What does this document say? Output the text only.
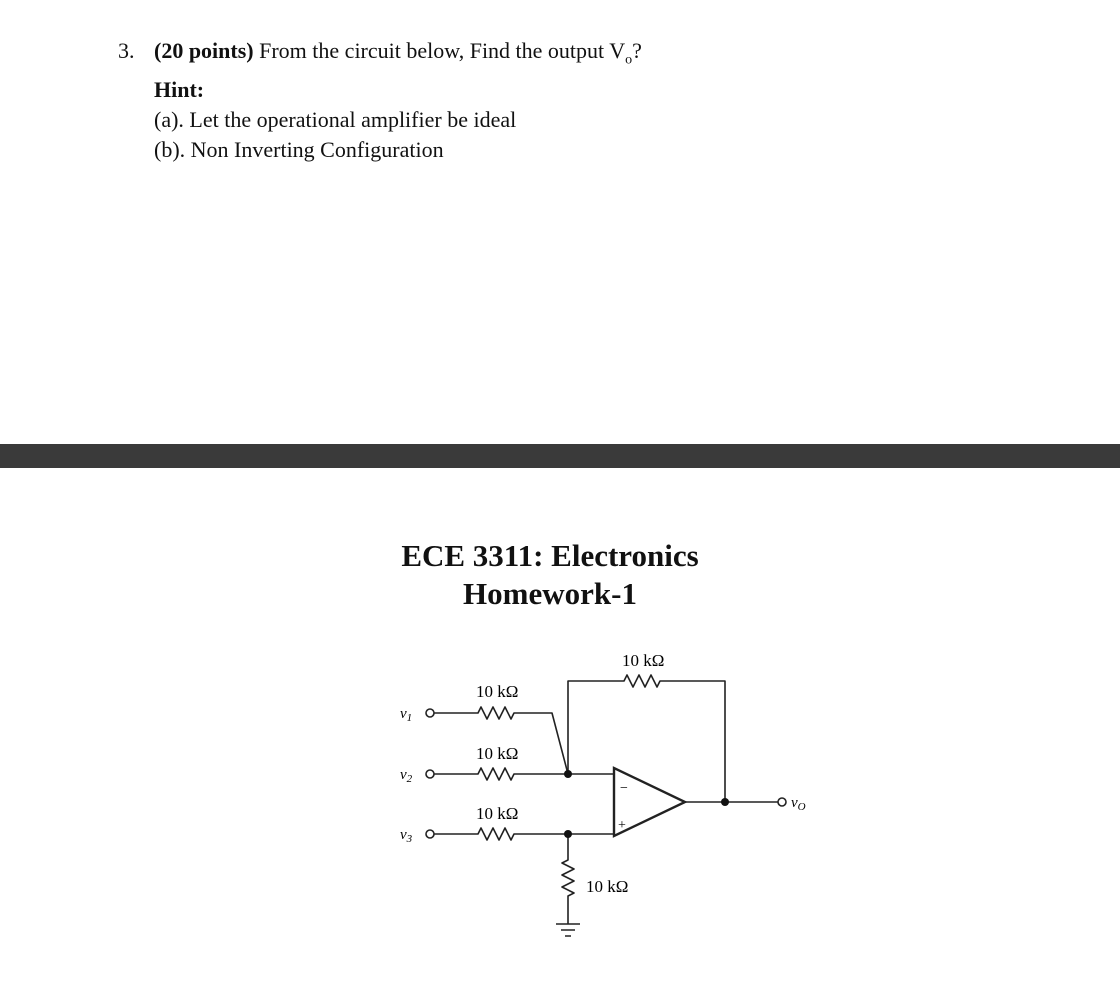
3. (20 points) From the circuit below, Find the output $V_o$?
Hint:
(a). Let the operational amplifier be ideal
(b). Non Inverting Configuration
ECE 3311: Electronics
Homework-1
−
+
10 kΩ
10 kΩ
10 kΩ
10 kΩ
10 kΩ
$v_1$
$v_2$
$v_3$
$v_O$
